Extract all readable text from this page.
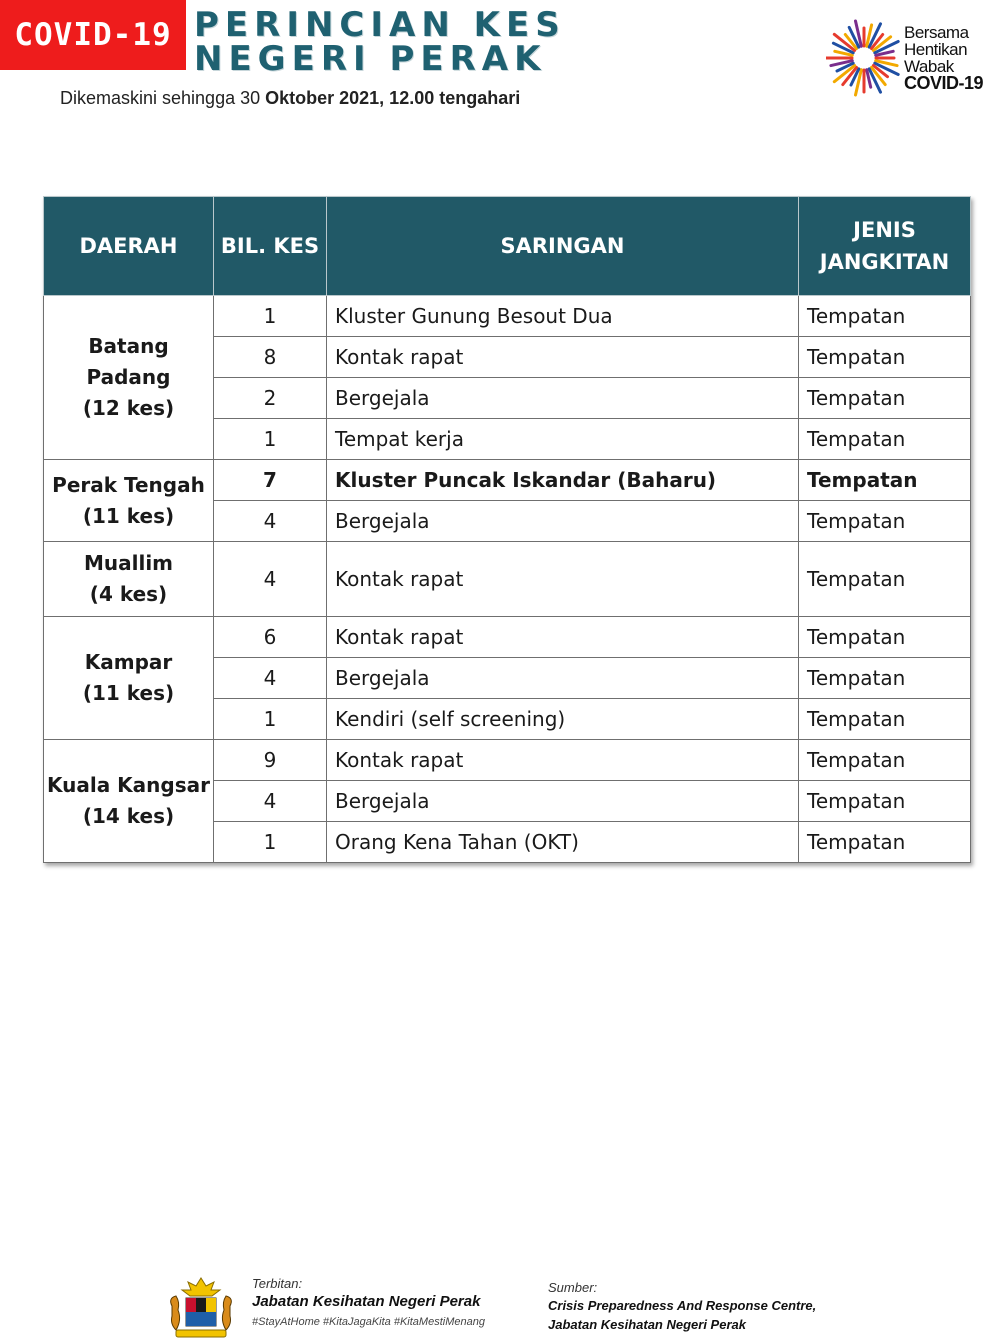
COVID-19 PERINCIAN KES
NEGERI PERAK
Dikemaskini sehingga 30 Oktober 2021, 12.00 tengahari
Bersama
Hentikan
Wabak
COVID-19
DAERAH	BIL. KES	SARINGAN	JENIS
JANGKITAN
Batang Padang
(12 kes)	1	Kluster Gunung Besout Dua	Tempatan
	8	Kontak rapat	Tempatan
	2	Bergejala	Tempatan
	1	Tempat kerja	Tempatan
Perak Tengah
(11 kes)	7	Kluster Puncak Iskandar (Baharu)	Tempatan
	4	Bergejala	Tempatan
Muallim
(4 kes)	4	Kontak rapat	Tempatan
Kampar
(11 kes)	6	Kontak rapat	Tempatan
	4	Bergejala	Tempatan
	1	Kendiri (self screening)	Tempatan
Kuala Kangsar
(14 kes)	9	Kontak rapat	Tempatan
	4	Bergejala	Tempatan
	1	Orang Kena Tahan (OKT)	Tempatan
Terbitan:
Jabatan Kesihatan Negeri Perak
#StayAtHome #KitaJagaKita #KitaMestiMenang
Sumber:
Crisis Preparedness And Response Centre,
Jabatan Kesihatan Negeri Perak
